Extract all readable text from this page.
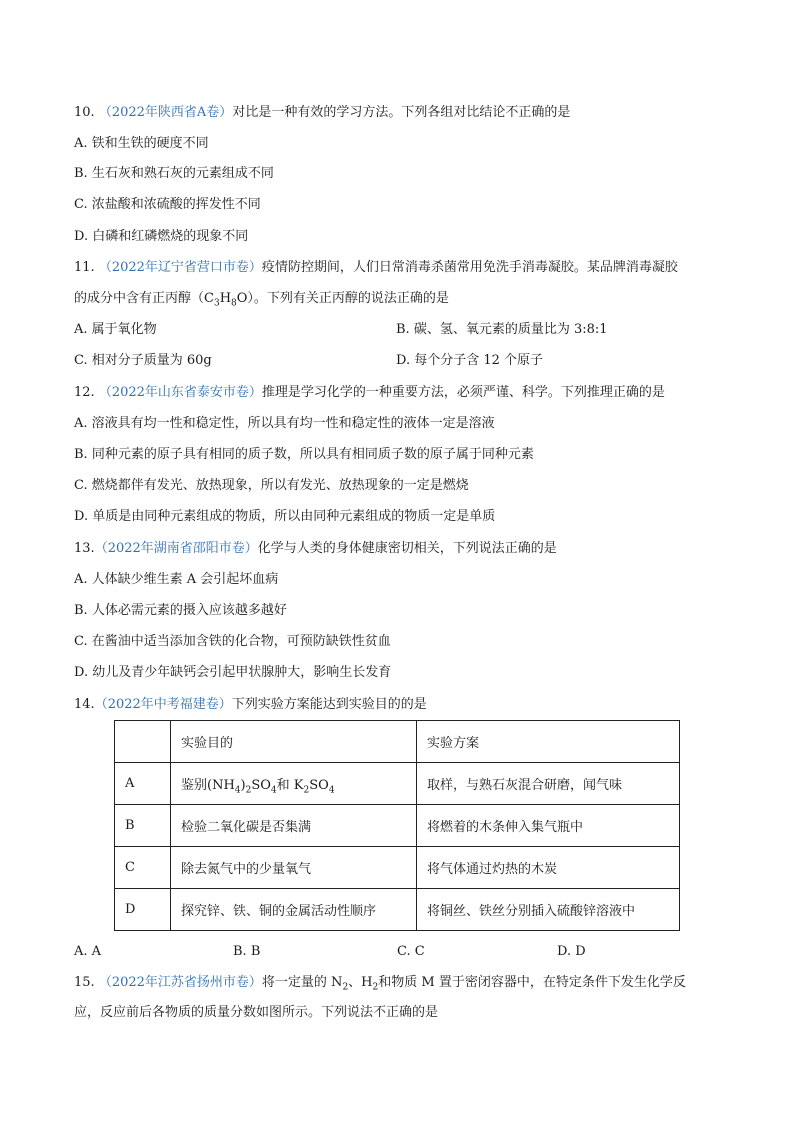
10. （2022年陕西省A卷）对比是一种有效的学习方法。下列各组对比结论不正确的是
A. 铁和生铁的硬度不同
B. 生石灰和熟石灰的元素组成不同
C. 浓盐酸和浓硫酸的挥发性不同
D. 白磷和红磷燃烧的现象不同
11. （2022年辽宁省营口市卷）疫情防控期间，人们日常消毒杀菌常用免洗手消毒凝胶。某品牌消毒凝胶
的成分中含有正丙醇$(C_3H_8O)$。下列有关正丙醇的说法正确的是
A. 属于氧化物	B. 碳、氢、氧元素的质量比为 3:8:1
C. 相对分子质量为 60g	D. 每个分子含 12 个原子
12. （2022年山东省泰安市卷）推理是学习化学的一种重要方法，必须严谨、科学。下列推理正确的是
A. 溶液具有均一性和稳定性，所以具有均一性和稳定性的液体一定是溶液
B. 同种元素的原子具有相同的质子数，所以具有相同质子数的原子属于同种元素
C. 燃烧都伴有发光、放热现象，所以有发光、放热现象的一定是燃烧
D. 单质是由同种元素组成的物质，所以由同种元素组成的物质一定是单质
13.（2022年湖南省邵阳市卷）化学与人类的身体健康密切相关，下列说法正确的是
A. 人体缺少维生素 A 会引起坏血病
B. 人体必需元素的摄入应该越多越好
C. 在酱油中适当添加含铁的化合物，可预防缺铁性贫血
D. 幼儿及青少年缺钙会引起甲状腺肿大，影响生长发育
14.（2022年中考福建卷）下列实验方案能达到实验目的的是
	实验目的	实验方案
A	鉴别$(NH_4)_2SO_4$和 $K_2SO_4$	取样，与熟石灰混合研磨，闻气味
B	检验二氧化碳是否集满	将燃着的木条伸入集气瓶中
C	除去氮气中的少量氧气	将气体通过灼热的木炭
D	探究锌、铁、铜的金属活动性顺序	将铜丝、铁丝分别插入硫酸锌溶液中
A. A	B. B	C. C	D. D
15. （2022年江苏省扬州市卷）将一定量的 $N_2$、$H_2$和物质 M 置于密闭容器中，在特定条件下发生化学反
应，反应前后各物质的质量分数如图所示。下列说法不正确的是
